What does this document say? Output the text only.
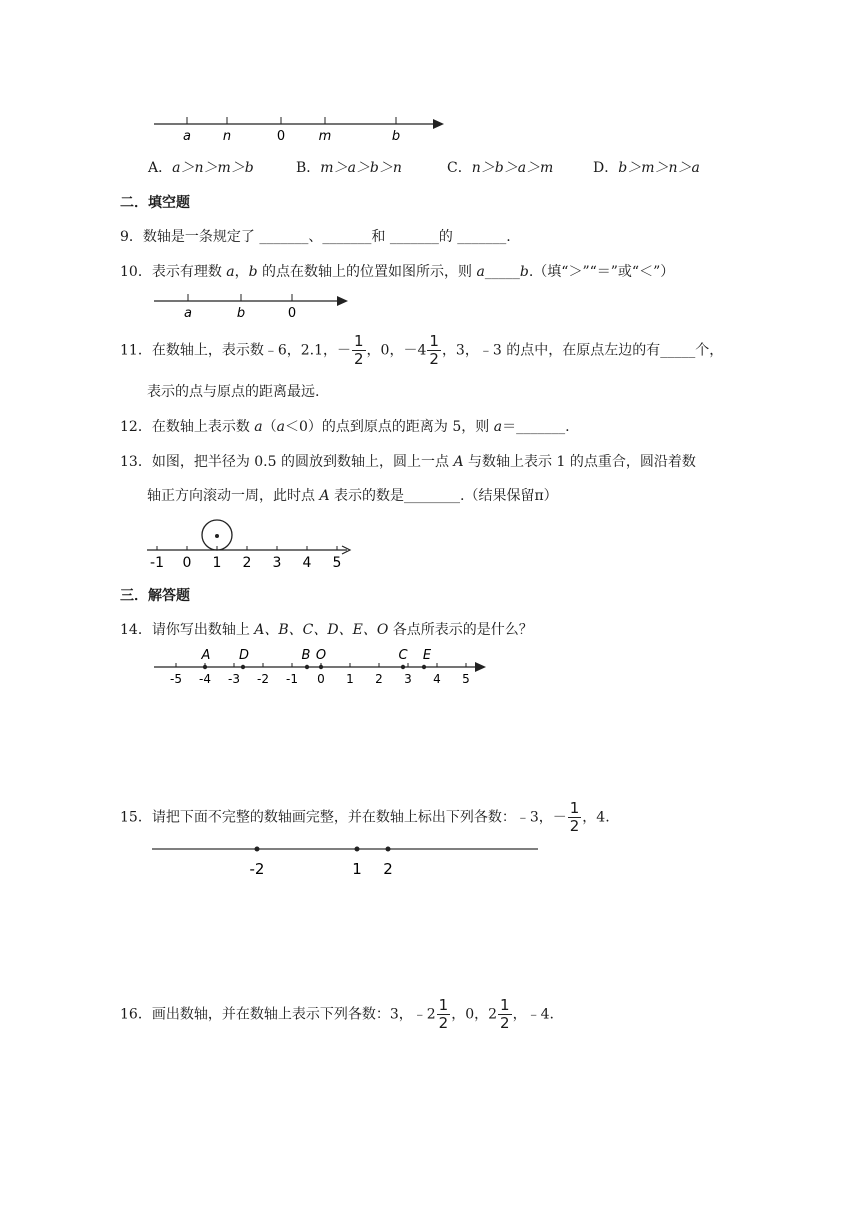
a n	0	m	b
A．a＞n＞m＞b	B．m＞a＞b＞n	C．n＞b＞a＞m	D．b＞m＞n＞a
二．填空题
9．数轴是一条规定了 _______、_______和 _______的 _______.
10．表示有理数 a，b 的点在数轴上的位置如图所示，则 a_____b.（填“＞”“＝”或“＜”）
a	b	0
11．在数轴上，表示数﹣6，2.1，－ $\frac{1}{2}$ ，0，$-4 \frac{1}{2}$ ，3，﹣3 的点中，在原点左边的有_____个，
表示的点与原点的距离最远.
12．在数轴上表示数 a（a＜0）的点到原点的距离为 5，则 a＝_______.
13．如图，把半径为 0.5 的圆放到数轴上，圆上一点 A 与数轴上表示 1 的点重合，圆沿着数
轴正方向滚动一周，此时点 A 表示的数是________.（结果保留π）
-1 0 1 2 3 4 5
三．解答题
14．请你写出数轴上 A、B、C、D、E、O 各点所表示的是什么？
A D	B O	C E
-5 -4 -3 -2 -1 0 1 2 3 4 5
15．请把下面不完整的数轴画完整，并在数轴上标出下列各数：﹣3，－ $\frac{1}{2}$ ，4.
-2	1 2
16．画出数轴，并在数轴上表示下列各数：3，﹣2 $\frac{1}{2}$ ，0，$2 \frac{1}{2}$ ，﹣4.
